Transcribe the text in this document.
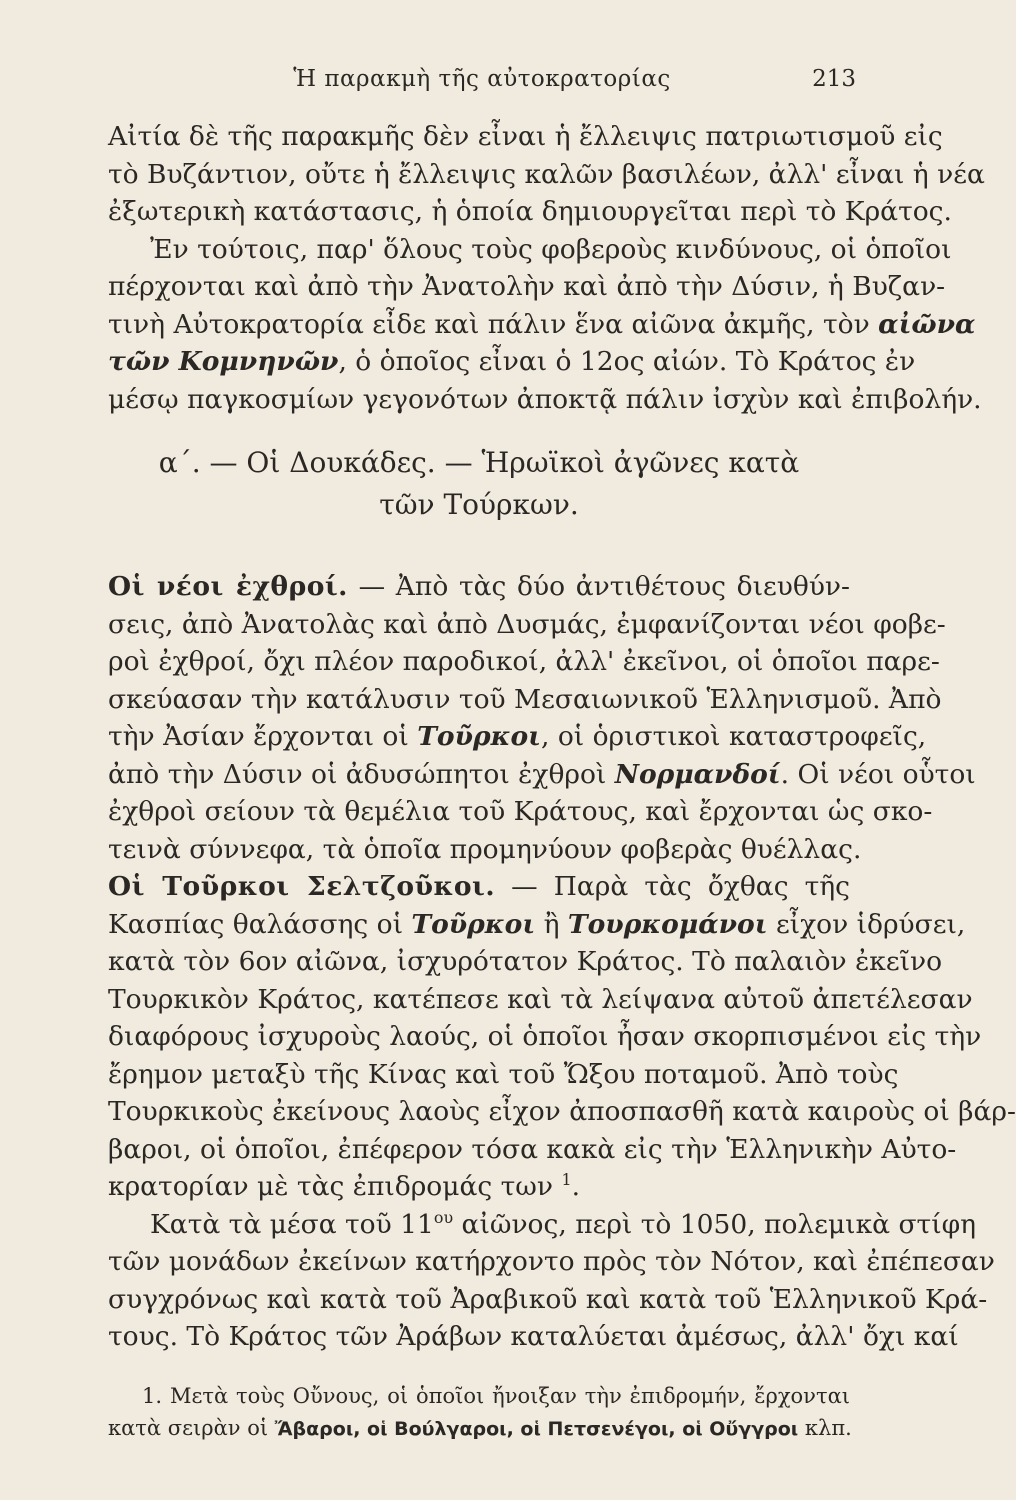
Ἡ παρακμὴ τῆς αὐτοκρατορίας	213
Αἰτία δὲ τῆς παρακμῆς δὲν εἶναι ἡ ἔλλειψις πατριωτισμοῦ εἰς
τὸ Βυζάντιον, οὔτε ἡ ἔλλειψις καλῶν βασιλέων, ἀλλ' εἶναι ἡ νέα
ἐξωτερικὴ κατάστασις, ἡ ὁποία δημιουργεῖται περὶ τὸ Κράτος.
Ἐν τούτοις, παρ' ὅλους τοὺς φοβεροὺς κινδύνους, οἱ ὁποῖοι
πέρχονται καὶ ἀπὸ τὴν Ἀνατολὴν καὶ ἀπὸ τὴν Δύσιν, ἡ Βυζαν-
τινὴ Αὐτοκρατορία εἶδε καὶ πάλιν ἕνα αἰῶνα ἀκμῆς, τὸν αἰῶνα
τῶν Κομνηνῶν, ὁ ὁποῖος εἶναι ὁ 12ος αἰών. Τὸ Κράτος ἐν
μέσῳ παγκοσμίων γεγονότων ἀποκτᾷ πάλιν ἰσχὺν καὶ ἐπιβολήν.
α΄. — Οἱ Δουκάδες. — Ἡρωϊκοὶ ἀγῶνες κατὰ
τῶν Τούρκων.
Οἱ νέοι ἐχθροί. — Ἀπὸ τὰς δύο ἀντιθέτους διευθύν-
σεις, ἀπὸ Ἀνατολὰς καὶ ἀπὸ Δυσμάς, ἐμφανίζονται νέοι φοβε-
ροὶ ἐχθροί, ὄχι πλέον παροδικοί, ἀλλ' ἐκεῖνοι, οἱ ὁποῖοι παρε-
σκεύασαν τὴν κατάλυσιν τοῦ Μεσαιωνικοῦ Ἑλληνισμοῦ. Ἀπὸ
τὴν Ἀσίαν ἔρχονται οἱ Τοῦρκοι, οἱ ὁριστικοὶ καταστροφεῖς,
ἀπὸ τὴν Δύσιν οἱ ἀδυσώπητοι ἐχθροὶ Νορμανδοί. Οἱ νέοι οὗτοι
ἐχθροὶ σείουν τὰ θεμέλια τοῦ Κράτους, καὶ ἔρχονται ὡς σκο-
τεινὰ σύννεφα, τὰ ὁποῖα προμηνύουν φοβερὰς θυέλλας.
Οἱ Τοῦρκοι Σελτζοῦκοι. — Παρὰ τὰς ὄχθας τῆς
Κασπίας θαλάσσης οἱ Τοῦρκοι ἢ Τουρκομάνοι εἶχον ἱδρύσει,
κατὰ τὸν 6ον αἰῶνα, ἰσχυρότατον Κράτος. Τὸ παλαιὸν ἐκεῖνο
Τουρκικὸν Κράτος, κατέπεσε καὶ τὰ λείψανα αὐτοῦ ἀπετέλεσαν
διαφόρους ἰσχυροὺς λαούς, οἱ ὁποῖοι ἦσαν σκορπισμένοι εἰς τὴν
ἔρημον μεταξὺ τῆς Κίνας καὶ τοῦ Ὤξου ποταμοῦ. Ἀπὸ τοὺς
Τουρκικοὺς ἐκείνους λαοὺς εἶχον ἀποσπασθῆ κατὰ καιροὺς οἱ βάρ-
βαροι, οἱ ὁποῖοι, ἐπέφερον τόσα κακὰ εἰς τὴν Ἑλληνικὴν Αὐτο-
κρατορίαν μὲ τὰς ἐπιδρομάς των $^1$.
Κατὰ τὰ μέσα τοῦ $11^{o\upsilon}$ αἰῶνος, περὶ τὸ 1050, πολεμικὰ στίφη
τῶν μονάδων ἐκείνων κατήρχοντο πρὸς τὸν Νότον, καὶ ἐπέπεσαν
συγχρόνως καὶ κατὰ τοῦ Ἀραβικοῦ καὶ κατὰ τοῦ Ἑλληνικοῦ Κρά-
τους. Τὸ Κράτος τῶν Ἀράβων καταλύεται ἀμέσως, ἀλλ' ὄχι καί
1. Μετὰ τοὺς Οὔνους, οἱ ὁποῖοι ἤνοιξαν τὴν ἐπιδρομήν, ἔρχονται
κατὰ σειρὰν οἱ Ἄβαροι, οἱ Βούλγαροι, οἱ Πετσενέγοι, οἱ Οὔγγροι κλπ.
